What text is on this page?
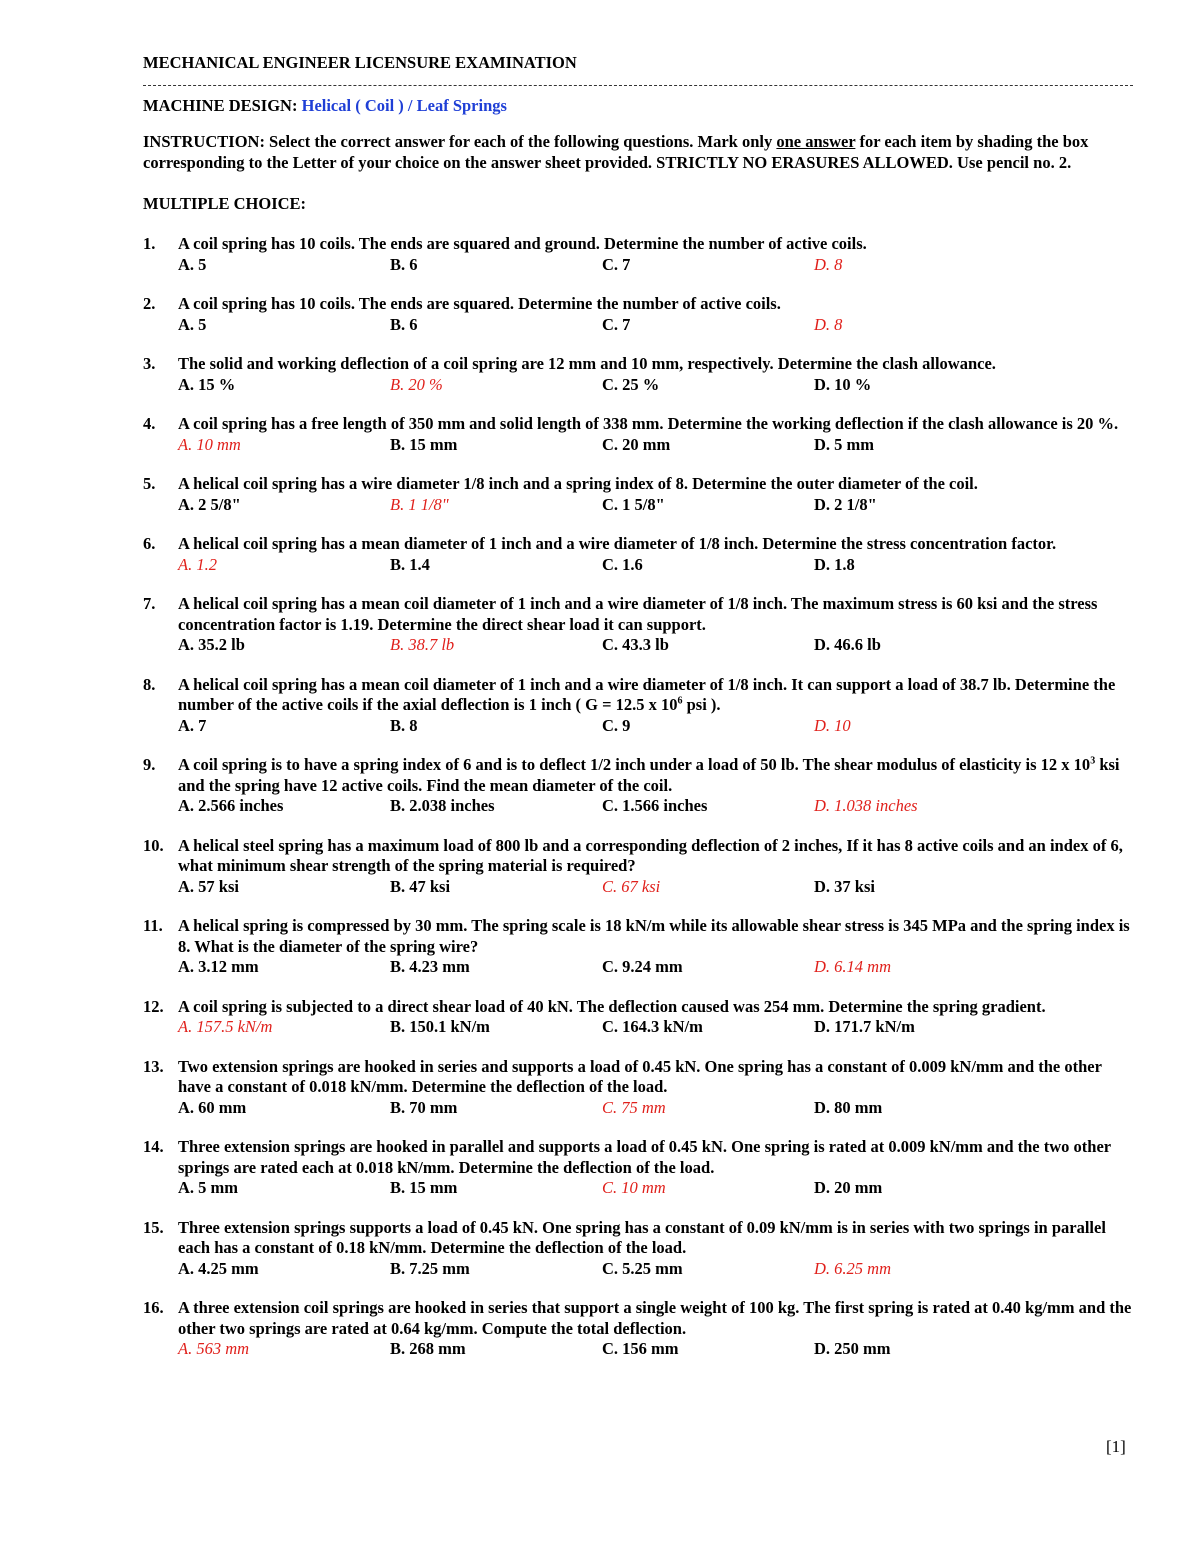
MECHANICAL ENGINEER LICENSURE EXAMINATION
MACHINE DESIGN: Helical ( Coil ) / Leaf Springs
INSTRUCTION: Select the correct answer for each of the following questions. Mark only one answer for each item by shading the box corresponding to the Letter of your choice on the answer sheet provided. STRICTLY NO ERASURES ALLOWED. Use pencil no. 2.
MULTIPLE CHOICE:
1. A coil spring has 10 coils. The ends are squared and ground. Determine the number of active coils.
A. 5	B. 6	C. 7	D. 8
2. A coil spring has 10 coils. The ends are squared. Determine the number of active coils.
A. 5	B. 6	C. 7	D. 8
3. The solid and working deflection of a coil spring are 12 mm and 10 mm, respectively. Determine the clash allowance.
A. 15 %	B. 20 %	C. 25 %	D. 10 %
4. A coil spring has a free length of 350 mm and solid length of 338 mm. Determine the working deflection if the clash allowance is 20 %.
A. 10 mm	B. 15 mm	C. 20 mm	D. 5 mm
5. A helical coil spring has a wire diameter 1/8 inch and a spring index of 8. Determine the outer diameter of the coil.
A. 2 5/8"	B. 1 1/8"	C. 1 5/8"	D. 2 1/8"
6. A helical coil spring has a mean diameter of 1 inch and a wire diameter of 1/8 inch. Determine the stress concentration factor.
A. 1.2	B. 1.4	C. 1.6	D. 1.8
7. A helical coil spring has a mean coil diameter of 1 inch and a wire diameter of 1/8 inch. The maximum stress is 60 ksi and the stress concentration factor is 1.19. Determine the direct shear load it can support.
A. 35.2 lb	B. 38.7 lb	C. 43.3 lb	D. 46.6 lb
8. A helical coil spring has a mean coil diameter of 1 inch and a wire diameter of 1/8 inch. It can support a load of 38.7 lb. Determine the number of the active coils if the axial deflection is 1 inch ( G = 12.5 x $10^6$ psi ).
A. 7	B. 8	C. 9	D. 10
9. A coil spring is to have a spring index of 6 and is to deflect 1/2 inch under a load of 50 lb. The shear modulus of elasticity is 12 x $10^3$ ksi and the spring have 12 active coils. Find the mean diameter of the coil.
A. 2.566 inches	B. 2.038 inches	C. 1.566 inches	D. 1.038 inches
10. A helical steel spring has a maximum load of 800 lb and a corresponding deflection of 2 inches, If it has 8 active coils and an index of 6, what minimum shear strength of the spring material is required?
A. 57 ksi	B. 47 ksi	C. 67 ksi	D. 37 ksi
11. A helical spring is compressed by 30 mm. The spring scale is 18 kN/m while its allowable shear stress is 345 MPa and the spring index is 8. What is the diameter of the spring wire?
A. 3.12 mm	B. 4.23 mm	C. 9.24 mm	D. 6.14 mm
12. A coil spring is subjected to a direct shear load of 40 kN. The deflection caused was 254 mm. Determine the spring gradient.
A. 157.5 kN/m	B. 150.1 kN/m	C. 164.3 kN/m	D. 171.7 kN/m
13. Two extension springs are hooked in series and supports a load of 0.45 kN. One spring has a constant of 0.009 kN/mm and the other have a constant of 0.018 kN/mm. Determine the deflection of the load.
A. 60 mm	B. 70 mm	C. 75 mm	D. 80 mm
14. Three extension springs are hooked in parallel and supports a load of 0.45 kN. One spring is rated at 0.009 kN/mm and the two other springs are rated each at 0.018 kN/mm. Determine the deflection of the load.
A. 5 mm	B. 15 mm	C. 10 mm	D. 20 mm
15. Three extension springs supports a load of 0.45 kN. One spring has a constant of 0.09 kN/mm is in series with two springs in parallel each has a constant of 0.18 kN/mm. Determine the deflection of the load.
A. 4.25 mm	B. 7.25 mm	C. 5.25 mm	D. 6.25 mm
16. A three extension coil springs are hooked in series that support a single weight of 100 kg. The first spring is rated at 0.40 kg/mm and the other two springs are rated at 0.64 kg/mm. Compute the total deflection.
A. 563 mm	B. 268 mm	C. 156 mm	D. 250 mm
[1]
